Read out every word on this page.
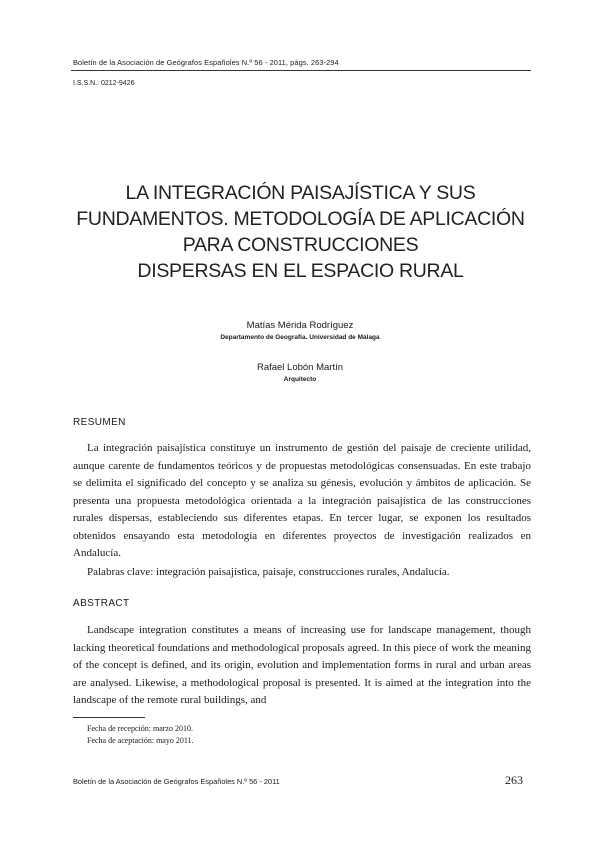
Boletín de la Asociación de Geógrafos Españoles N.º 56 - 2011, págs. 263-294
I.S.S.N.: 0212-9426
LA INTEGRACIÓN PAISAJÍSTICA Y SUS
FUNDAMENTOS. METODOLOGÍA DE APLICACIÓN
PARA CONSTRUCCIONES
DISPERSAS EN EL ESPACIO RURAL
Matías Mérida Rodríguez
Departamento de Geografía. Universidad de Málaga
Rafael Lobón Martín
Arquitecto
RESUMEN
La integración paisajística constituye un instrumento de gestión del paisaje de creciente utilidad, aunque carente de fundamentos teóricos y de propuestas metodológicas consensuadas. En este trabajo se delimita el significado del concepto y se analiza su génesis, evolución y ámbitos de aplicación. Se presenta una propuesta metodológica orientada a la integración paisajística de las construcciones rurales dispersas, estableciendo sus diferentes etapas. En tercer lugar, se exponen los resultados obtenidos ensayando esta metodología en diferentes proyectos de investigación realizados en Andalucía.
Palabras clave: integración paisajística, paisaje, construcciones rurales, Andalucía.
ABSTRACT
Landscape integration constitutes a means of increasing use for landscape management, though lacking theoretical foundations and methodological proposals agreed. In this piece of work the meaning of the concept is defined, and its origin, evolution and implementation forms in rural and urban areas are analysed. Likewise, a methodological proposal is presented. It is aimed at the integration into the landscape of the remote rural buildings, and
Fecha de recepción: marzo 2010.
Fecha de aceptación: mayo 2011.
Boletín de la Asociación de Geógrafos Españoles N.º 56 - 2011	263
